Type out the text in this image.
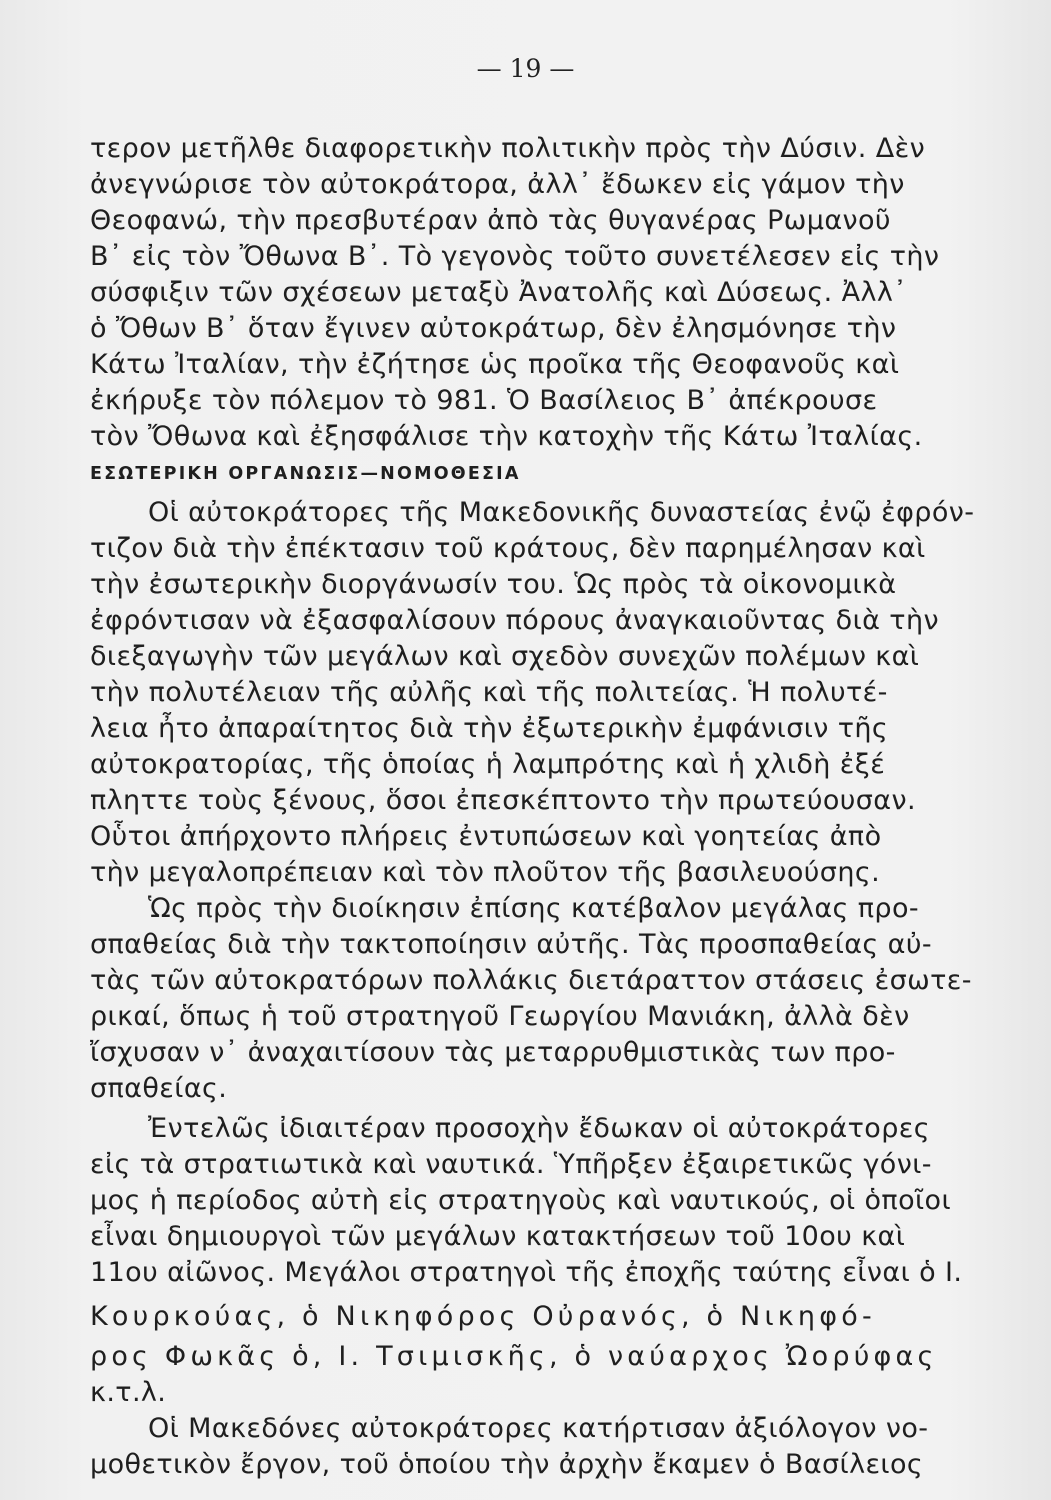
— 19 —
τερον μετῆλθε διαφορετικὴν πολιτικὴν πρὸς τὴν Δύσιν. Δὲν
ἀνεγνώρισε τὸν αὐτοκράτορα, ἀλλ᾽ ἔδωκεν εἰς γάμον τὴν
Θεοφανώ, τὴν πρεσβυτέραν ἀπὸ τὰς θυγανέρας Ρωμανοῦ
Β᾽ εἰς τὸν Ὄθωνα Β᾽. Τὸ γεγονὸς τοῦτο συνετέλεσεν εἰς τὴν
σύσφιξιν τῶν σχέσεων μεταξὺ Ἀνατολῆς καὶ Δύσεως. Ἀλλ᾽
ὁ Ὄθων Β᾽ ὅταν ἔγινεν αὐτοκράτωρ, δὲν ἐλησμόνησε τὴν
Κάτω Ἰταλίαν, τὴν ἐζήτησε ὡς προῖκα τῆς Θεοφανοῦς καὶ
ἐκήρυξε τὸν πόλεμον τὸ 981. Ὁ Βασίλειος Β᾽ ἀπέκρουσε
τὸν Ὄθωνα καὶ ἐξησφάλισε τὴν κατοχὴν τῆς Κάτω Ἰταλίας.
ΕΣΩΤΕΡΙΚΗ ΟΡΓΑΝΩΣΙΣ—ΝΟΜΟΘΕΣΙΑ
Οἱ αὐτοκράτορες τῆς Μακεδονικῆς δυναστείας ἐνῷ ἐφρόν-
τιζον διὰ τὴν ἐπέκτασιν τοῦ κράτους, δὲν παρημέλησαν καὶ
τὴν ἐσωτερικὴν διοργάνωσίν του. Ὡς πρὸς τὰ οἰκονομικὰ
ἐφρόντισαν νὰ ἐξασφαλίσουν πόρους ἀναγκαιοῦντας διὰ τὴν
διεξαγωγὴν τῶν μεγάλων καὶ σχεδὸν συνεχῶν πολέμων καὶ
τὴν πολυτέλειαν τῆς αὐλῆς καὶ τῆς πολιτείας. Ἡ πολυτέ-
λεια ἦτο ἀπαραίτητος διὰ τὴν ἐξωτερικὴν ἐμφάνισιν τῆς
αὐτοκρατορίας, τῆς ὁποίας ἡ λαμπρότης καὶ ἡ χλιδὴ ἐξέ
πληττε τοὺς ξένους, ὅσοι ἐπεσκέπτοντο τὴν πρωτεύουσαν.
Οὗτοι ἀπήρχοντο πλήρεις ἐντυπώσεων καὶ γοητείας ἀπὸ
τὴν μεγαλοπρέπειαν καὶ τὸν πλοῦτον τῆς βασιλευούσης.
Ὡς πρὸς τὴν διοίκησιν ἐπίσης κατέβαλον μεγάλας προ-
σπαθείας διὰ τὴν τακτοποίησιν αὐτῆς. Τὰς προσπαθείας αὐ-
τὰς τῶν αὐτοκρατόρων πολλάκις διετάραττον στάσεις ἐσωτε-
ρικαί, ὅπως ἡ τοῦ στρατηγοῦ Γεωργίου Μανιάκη, ἀλλὰ δὲν
ἴσχυσαν ν᾽ ἀναχαιτίσουν τὰς μεταρρυθμιστικὰς των προ-
σπαθείας.
Ἐντελῶς ἰδιαιτέραν προσοχὴν ἔδωκαν οἱ αὐτοκράτορες
εἰς τὰ στρατιωτικὰ καὶ ναυτικά. Ὑπῆρξεν ἐξαιρετικῶς γόνι-
μος ἡ περίοδος αὐτὴ εἰς στρατηγοὺς καὶ ναυτικούς, οἱ ὁποῖοι
εἶναι δημιουργοὶ τῶν μεγάλων κατακτήσεων τοῦ 10ου καὶ
11ου αἰῶνος. Μεγάλοι στρατηγοὶ τῆς ἐποχῆς ταύτης εἶναι ὁ Ι.
Κουρκούας, ὁ Νικηφόρος Οὐρανός, ὁ Νικηφό-
ρος Φωκᾶς ὁ, Ι. Τσιμισκῆς, ὁ ναύαρχος Ὠορύφας
κ.τ.λ.
Οἱ Μακεδόνες αὐτοκράτορες κατήρτισαν ἀξιόλογον νο-
μοθετικὸν ἔργον, τοῦ ὁποίου τὴν ἀρχὴν ἔκαμεν ὁ Βασίλειος
